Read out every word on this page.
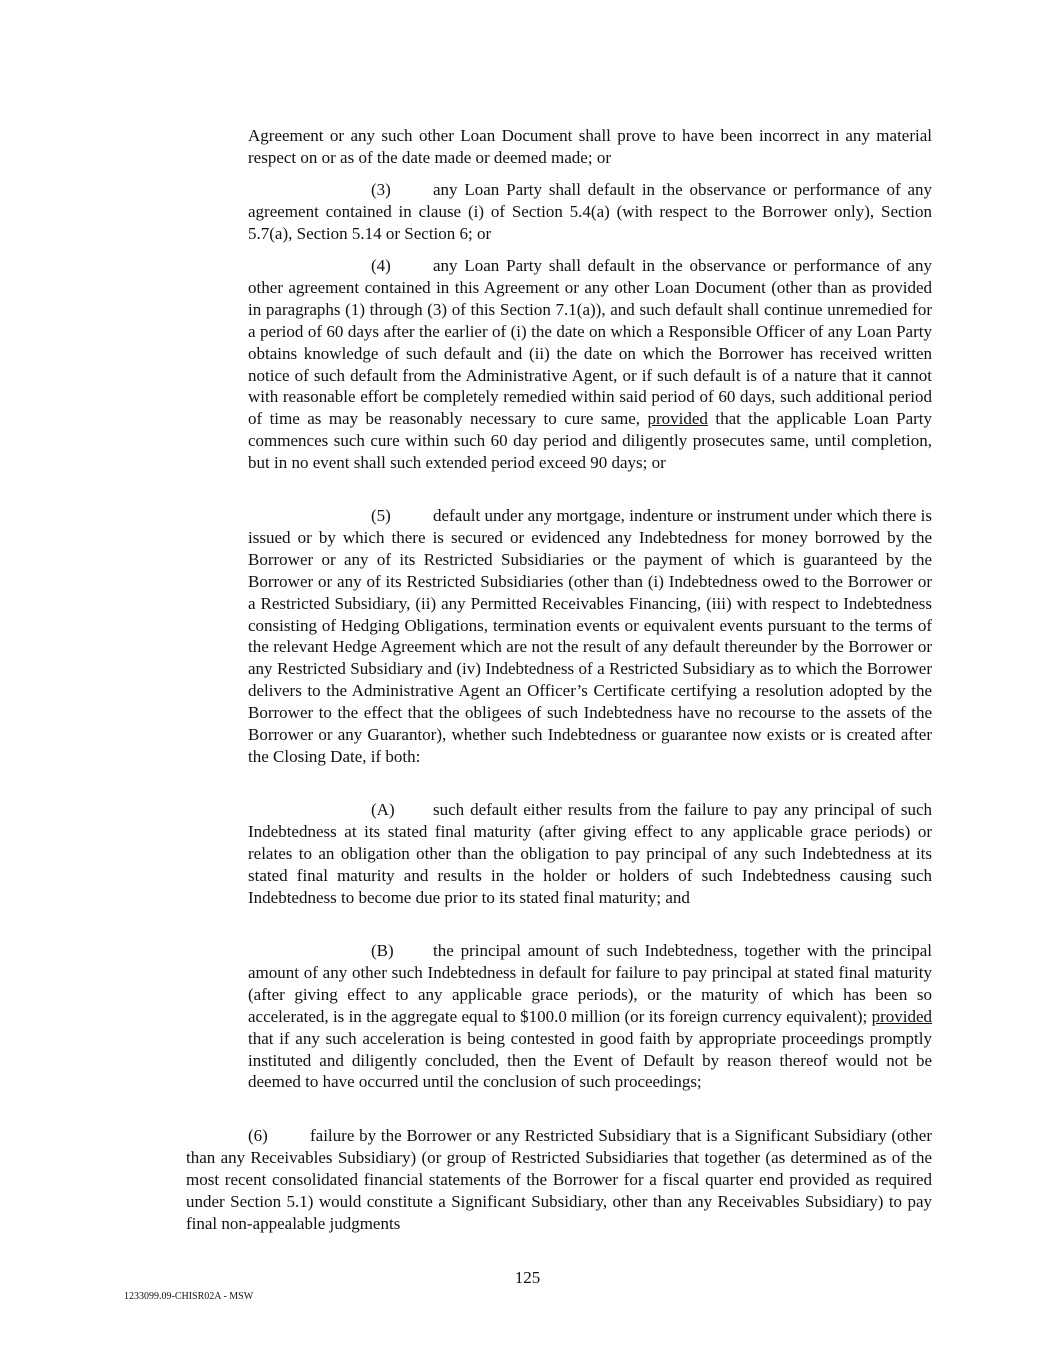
Agreement or any such other Loan Document shall prove to have been incorrect in any material respect on or as of the date made or deemed made; or

(3) any Loan Party shall default in the observance or performance of any agreement contained in clause (i) of Section 5.4(a) (with respect to the Borrower only), Section 5.7(a), Section 5.14 or Section 6; or

(4) any Loan Party shall default in the observance or performance of any other agreement contained in this Agreement or any other Loan Document (other than as provided in paragraphs (1) through (3) of this Section 7.1(a)), and such default shall continue unremedied for a period of 60 days after the earlier of (i) the date on which a Responsible Officer of any Loan Party obtains knowledge of such default and (ii) the date on which the Borrower has received written notice of such default from the Administrative Agent, or if such default is of a nature that it cannot with reasonable effort be completely remedied within said period of 60 days, such additional period of time as may be reasonably necessary to cure same, provided that the applicable Loan Party commences such cure within such 60 day period and diligently prosecutes same, until completion, but in no event shall such extended period exceed 90 days; or

(5) default under any mortgage, indenture or instrument under which there is issued or by which there is secured or evidenced any Indebtedness for money borrowed by the Borrower or any of its Restricted Subsidiaries or the payment of which is guaranteed by the Borrower or any of its Restricted Subsidiaries (other than (i) Indebtedness owed to the Borrower or a Restricted Subsidiary, (ii) any Permitted Receivables Financing, (iii) with respect to Indebtedness consisting of Hedging Obligations, termination events or equivalent events pursuant to the terms of the relevant Hedge Agreement which are not the result of any default thereunder by the Borrower or any Restricted Subsidiary and (iv) Indebtedness of a Restricted Subsidiary as to which the Borrower delivers to the Administrative Agent an Officer’s Certificate certifying a resolution adopted by the Borrower to the effect that the obligees of such Indebtedness have no recourse to the assets of the Borrower or any Guarantor), whether such Indebtedness or guarantee now exists or is created after the Closing Date, if both:

(A) such default either results from the failure to pay any principal of such Indebtedness at its stated final maturity (after giving effect to any applicable grace periods) or relates to an obligation other than the obligation to pay principal of any such Indebtedness at its stated final maturity and results in the holder or holders of such Indebtedness causing such Indebtedness to become due prior to its stated final maturity; and

(B) the principal amount of such Indebtedness, together with the principal amount of any other such Indebtedness in default for failure to pay principal at stated final maturity (after giving effect to any applicable grace periods), or the maturity of which has been so accelerated, is in the aggregate equal to $100.0 million (or its foreign currency equivalent); provided that if any such acceleration is being contested in good faith by appropriate proceedings promptly instituted and diligently concluded, then the Event of Default by reason thereof would not be deemed to have occurred until the conclusion of such proceedings;

(6) failure by the Borrower or any Restricted Subsidiary that is a Significant Subsidiary (other than any Receivables Subsidiary) (or group of Restricted Subsidiaries that together (as determined as of the most recent consolidated financial statements of the Borrower for a fiscal quarter end provided as required under Section 5.1) would constitute a Significant Subsidiary, other than any Receivables Subsidiary) to pay final non-appealable judgments

125
1233099.09-CHISR02A - MSW
